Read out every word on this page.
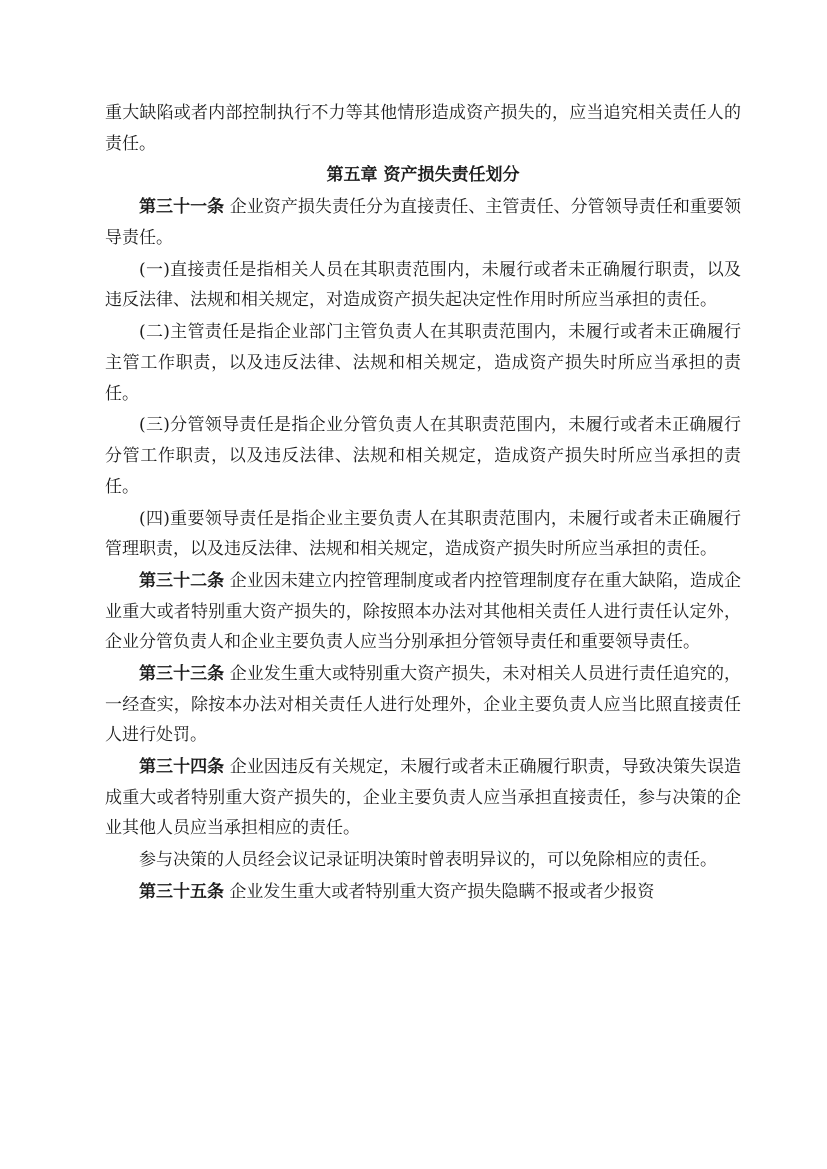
重大缺陷或者内部控制执行不力等其他情形造成资产损失的，应当追究相关责任人的责任。

第五章 资产损失责任划分

第三十一条 企业资产损失责任分为直接责任、主管责任、分管领导责任和重要领导责任。

(一)直接责任是指相关人员在其职责范围内，未履行或者未正确履行职责，以及违反法律、法规和相关规定，对造成资产损失起决定性作用时所应当承担的责任。

(二)主管责任是指企业部门主管负责人在其职责范围内，未履行或者未正确履行主管工作职责，以及违反法律、法规和相关规定，造成资产损失时所应当承担的责任。

(三)分管领导责任是指企业分管负责人在其职责范围内，未履行或者未正确履行分管工作职责，以及违反法律、法规和相关规定，造成资产损失时所应当承担的责任。

(四)重要领导责任是指企业主要负责人在其职责范围内，未履行或者未正确履行管理职责，以及违反法律、法规和相关规定，造成资产损失时所应当承担的责任。

第三十二条 企业因未建立内控管理制度或者内控管理制度存在重大缺陷，造成企业重大或者特别重大资产损失的，除按照本办法对其他相关责任人进行责任认定外，企业分管负责人和企业主要负责人应当分别承担分管领导责任和重要领导责任。

第三十三条 企业发生重大或特别重大资产损失，未对相关人员进行责任追究的，一经查实，除按本办法对相关责任人进行处理外，企业主要负责人应当比照直接责任人进行处罚。

第三十四条 企业因违反有关规定，未履行或者未正确履行职责，导致决策失误造成重大或者特别重大资产损失的，企业主要负责人应当承担直接责任，参与决策的企业其他人员应当承担相应的责任。

参与决策的人员经会议记录证明决策时曾表明异议的，可以免除相应的责任。

第三十五条 企业发生重大或者特别重大资产损失隐瞒不报或者少报资
